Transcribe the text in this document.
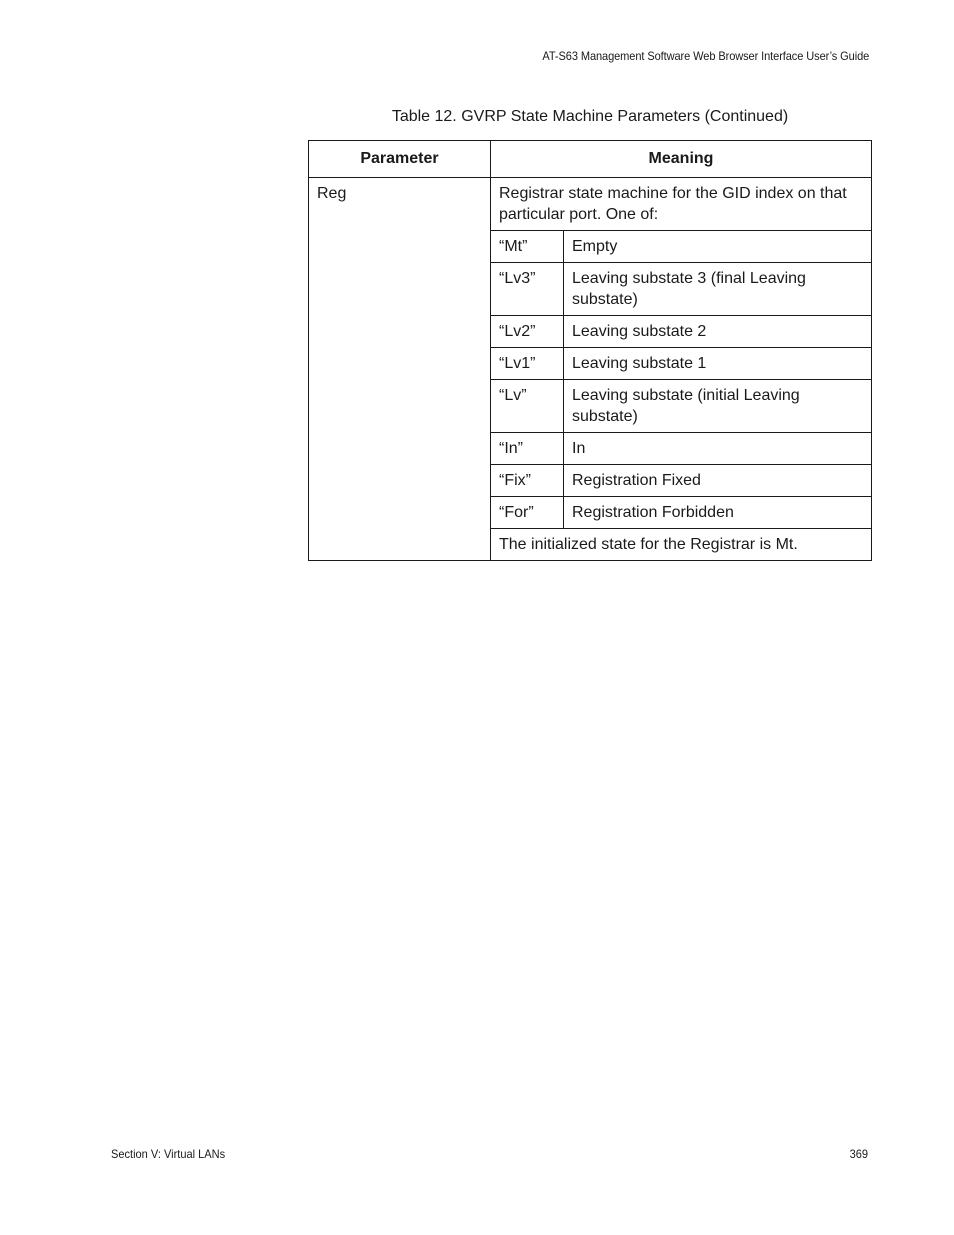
AT-S63 Management Software Web Browser Interface User’s Guide
Table 12. GVRP State Machine Parameters (Continued)
Parameter	Meaning	
Reg	Registrar state machine for the GID index on that particular port. One of:	
	“Mt”	Empty
	“Lv3”	Leaving substate 3 (final Leaving substate)
	“Lv2”	Leaving substate 2
	“Lv1”	Leaving substate 1
	“Lv”	Leaving substate (initial Leaving substate)
	“In”	In
	“Fix”	Registration Fixed
	“For”	Registration Forbidden
	The initialized state for the Registrar is Mt.	
Section V: Virtual LANs	369
